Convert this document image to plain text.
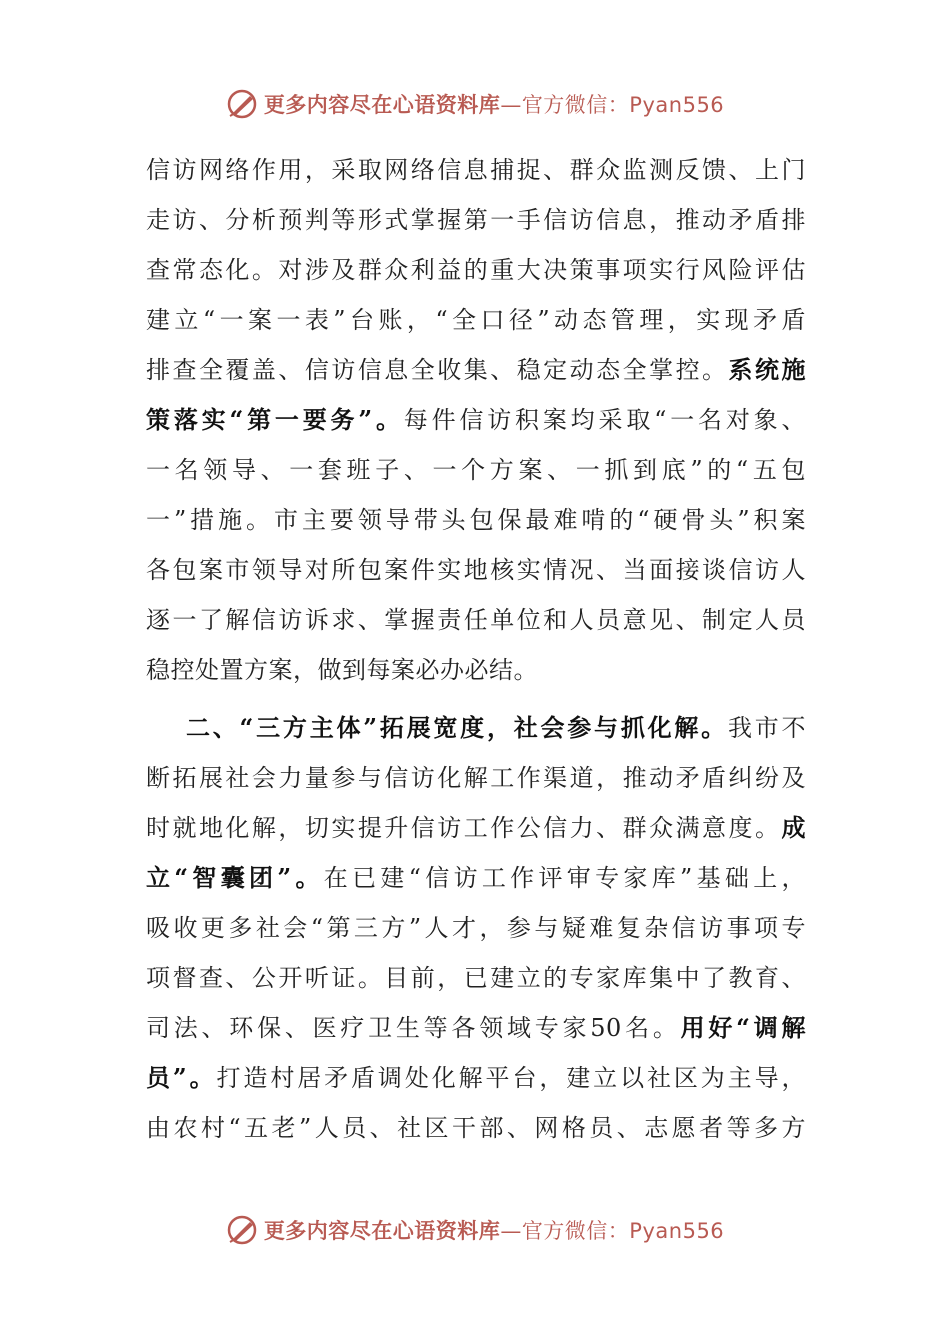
更多内容尽在心语资料库—官方微信：Pyan556
信访网络作用，采取网络信息捕捉、群众监测反馈、上门
走访、分析预判等形式掌握第一手信访信息，推动矛盾排
查常态化。对涉及群众利益的重大决策事项实行风险评估
建立“一案一表”台账，“全口径”动态管理，实现矛盾
排查全覆盖、信访信息全收集、稳定动态全掌控。系统施
策落实“第一要务”。每件信访积案均采取“一名对象、
一名领导、一套班子、一个方案、一抓到底”的“五包
一”措施。市主要领导带头包保最难啃的“硬骨头”积案
各包案市领导对所包案件实地核实情况、当面接谈信访人
逐一了解信访诉求、掌握责任单位和人员意见、制定人员
稳控处置方案，做到每案必办必结。
二、“三方主体”拓展宽度，社会参与抓化解。我市不
断拓展社会力量参与信访化解工作渠道，推动矛盾纠纷及
时就地化解，切实提升信访工作公信力、群众满意度。成
立“智囊团”。在已建“信访工作评审专家库”基础上，
吸收更多社会“第三方”人才，参与疑难复杂信访事项专
项督查、公开听证。目前，已建立的专家库集中了教育、
司法、环保、医疗卫生等各领域专家50名。用好“调解
员”。打造村居矛盾调处化解平台，建立以社区为主导，
由农村“五老”人员、社区干部、网格员、志愿者等多方
更多内容尽在心语资料库—官方微信：Pyan556
